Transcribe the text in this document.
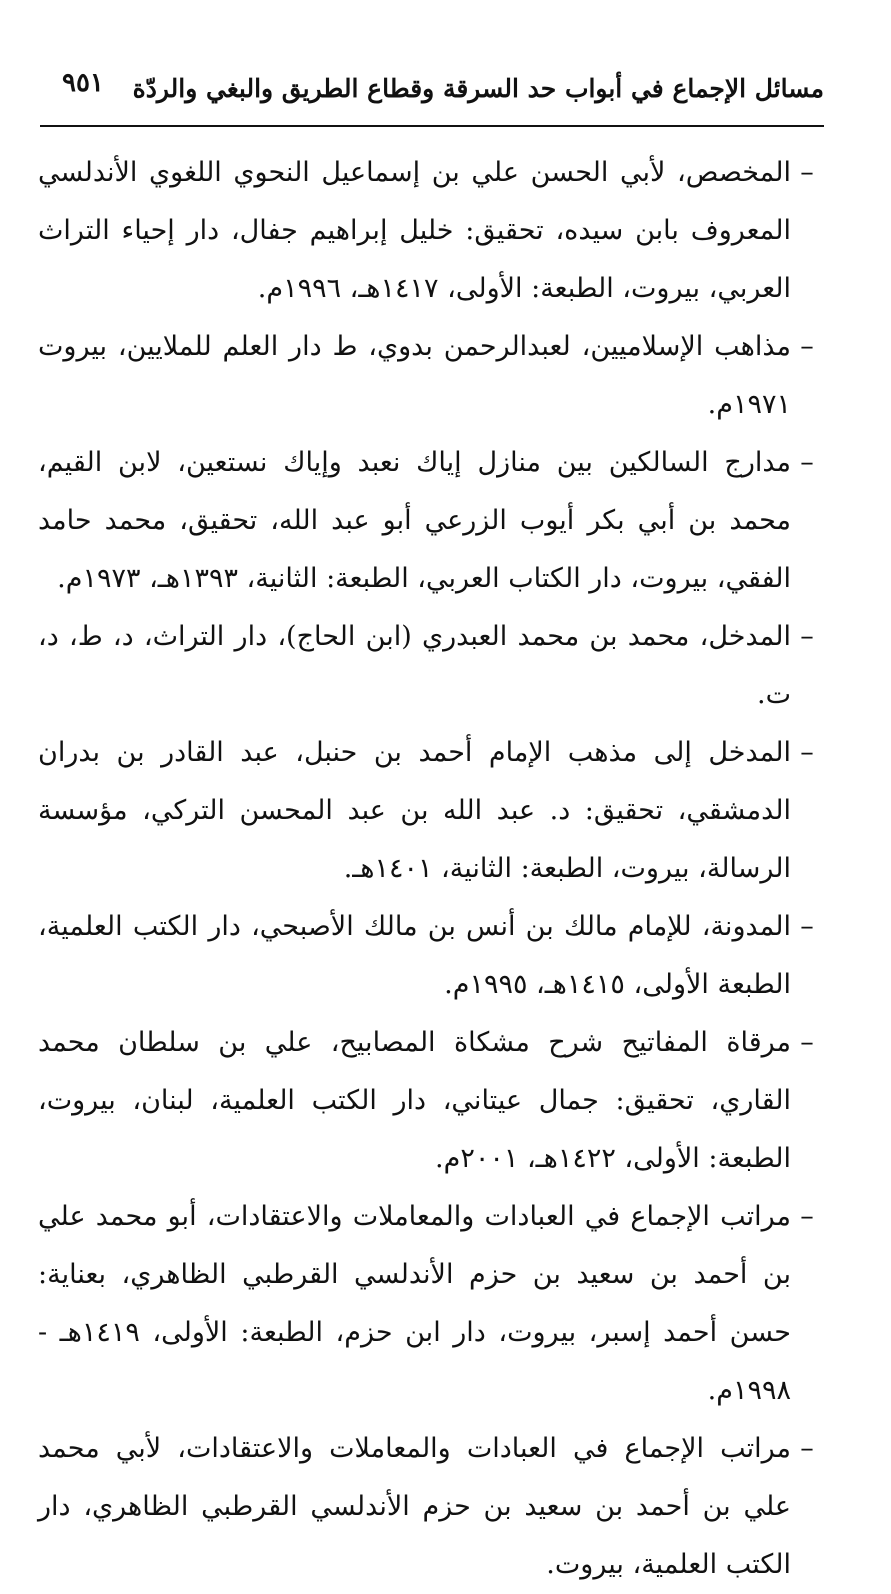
مسائل الإجماع في أبواب حد السرقة وقطاع الطريق والبغي والردّة
٩٥١

–المخصص، لأبي الحسن علي بن إسماعيل النحوي اللغوي الأندلسي المعروف بابن سيده، تحقيق: خليل إبراهيم جفال، دار إحياء التراث العربي، بيروت، الطبعة: الأولى، ١٤١٧هـ، ١٩٩٦م.

–مذاهب الإسلاميين، لعبدالرحمن بدوي، ط دار العلم للملايين، بيروت ١٩٧١م.

–مدارج السالكين بين منازل إياك نعبد وإياك نستعين، لابن القيم، محمد بن أبي بكر أيوب الزرعي أبو عبد الله، تحقيق، محمد حامد الفقي، بيروت، دار الكتاب العربي، الطبعة: الثانية، ١٣٩٣هـ، ١٩٧٣م.

–المدخل، محمد بن محمد العبدري (ابن الحاج)، دار التراث، د، ط، د، ت.

–المدخل إلى مذهب الإمام أحمد بن حنبل، عبد القادر بن بدران الدمشقي، تحقيق: د. عبد الله بن عبد المحسن التركي، مؤسسة الرسالة، بيروت، الطبعة: الثانية، ١٤٠١هـ.

–المدونة، للإمام مالك بن أنس بن مالك الأصبحي، دار الكتب العلمية، الطبعة الأولى، ١٤١٥هـ، ١٩٩٥م.

–مرقاة المفاتيح شرح مشكاة المصابيح، علي بن سلطان محمد القاري، تحقيق: جمال عيتاني، دار الكتب العلمية، لبنان، بيروت، الطبعة: الأولى، ١٤٢٢هـ، ٢٠٠١م.

–مراتب الإجماع في العبادات والمعاملات والاعتقادات، أبو محمد علي بن أحمد بن سعيد بن حزم الأندلسي القرطبي الظاهري، بعناية: حسن أحمد إسبر، بيروت، دار ابن حزم، الطبعة: الأولى، ١٤١٩هـ - ١٩٩٨م.

–مراتب الإجماع في العبادات والمعاملات والاعتقادات، لأبي محمد علي بن أحمد بن سعيد بن حزم الأندلسي القرطبي الظاهري، دار الكتب العلمية، بيروت.
